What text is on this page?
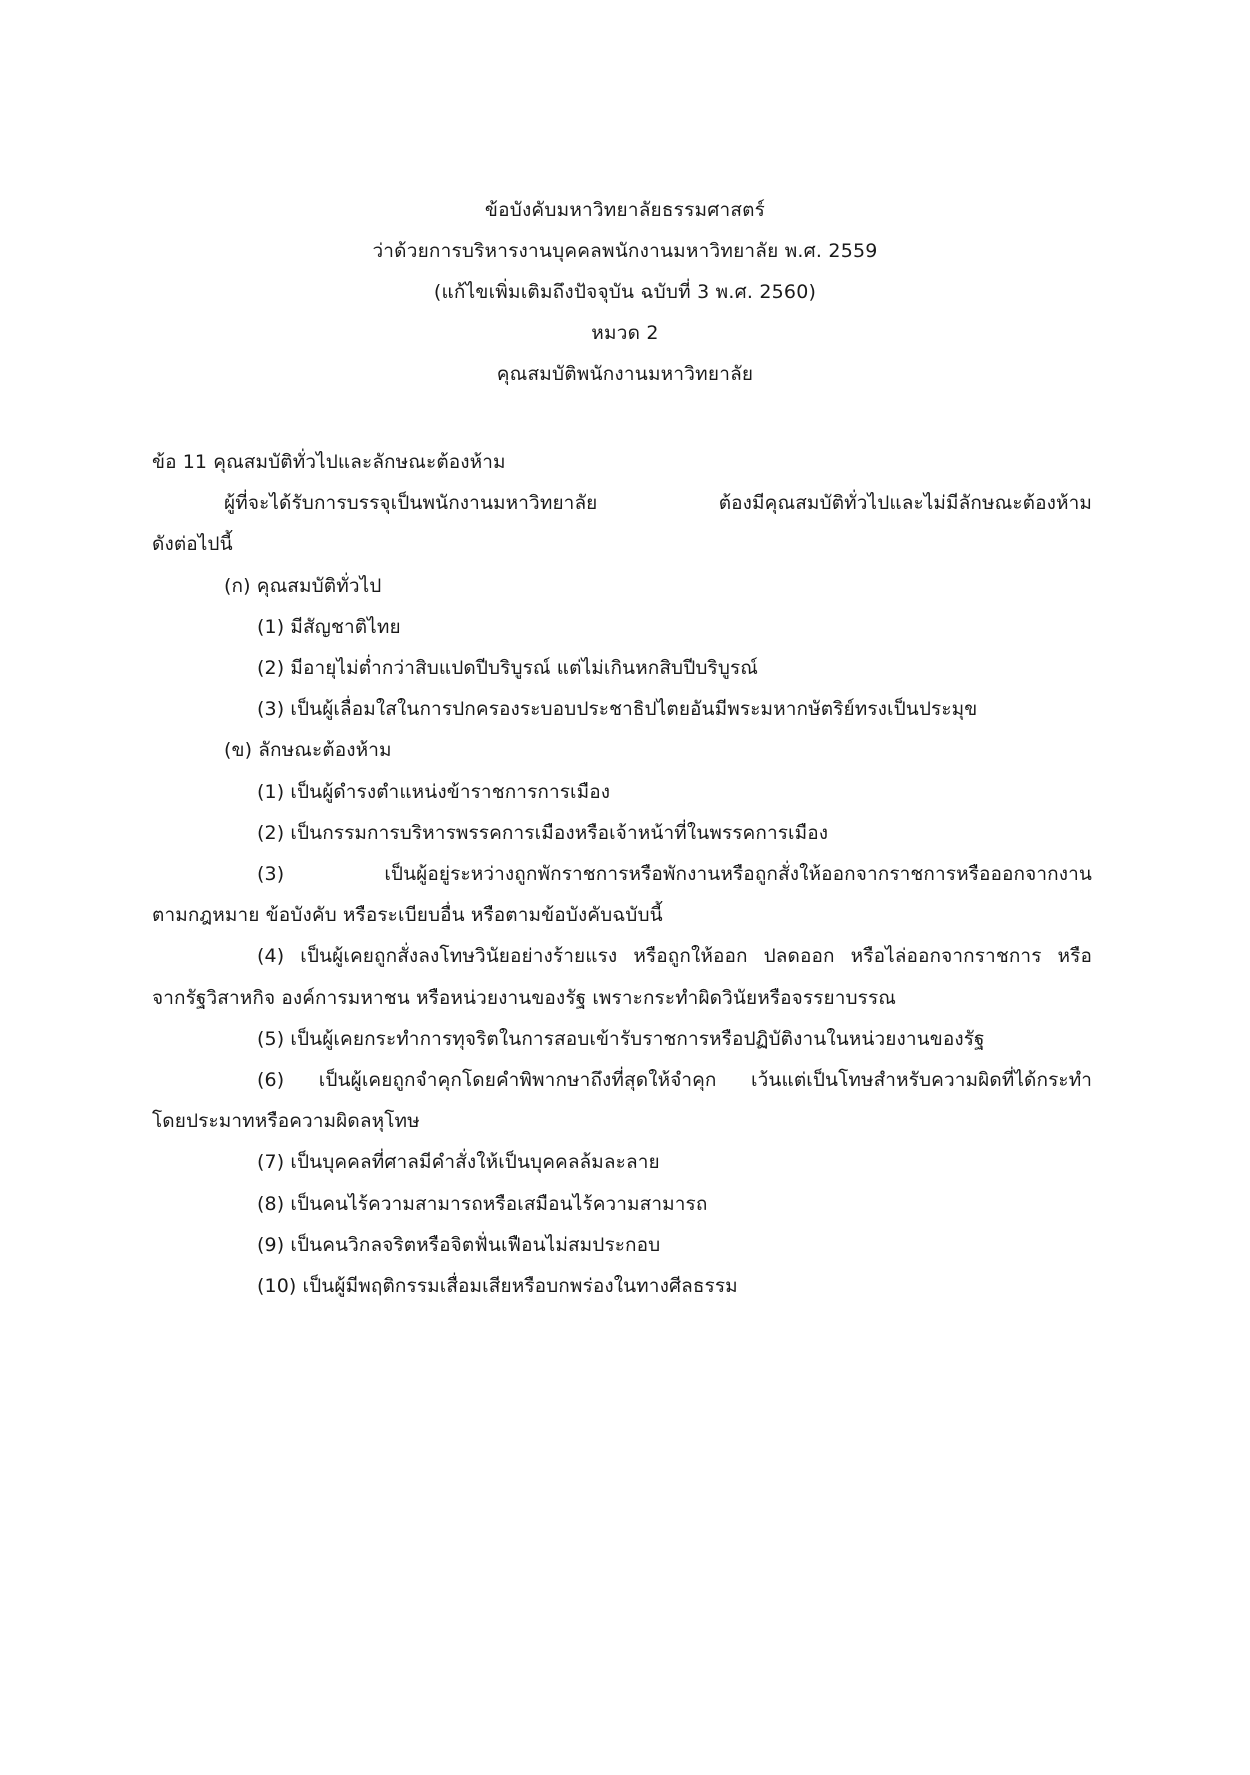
ข้อบังคับมหาวิทยาลัยธรรมศาสตร์
ว่าด้วยการบริหารงานบุคคลพนักงานมหาวิทยาลัย พ.ศ. 2559
(แก้ไขเพิ่มเติมถึงปัจจุบัน ฉบับที่ 3 พ.ศ. 2560)
หมวด 2
คุณสมบัติพนักงานมหาวิทยาลัย
ข้อ 11 คุณสมบัติทั่วไปและลักษณะต้องห้าม
ผู้ที่จะได้รับการบรรจุเป็นพนักงานมหาวิทยาลัย ต้องมีคุณสมบัติทั่วไปและไม่มีลักษณะต้องห้าม
ดังต่อไปนี้
(ก) คุณสมบัติทั่วไป
(1) มีสัญชาติไทย
(2) มีอายุไม่ต่ำกว่าสิบแปดปีบริบูรณ์ แต่ไม่เกินหกสิบปีบริบูรณ์
(3) เป็นผู้เลื่อมใสในการปกครองระบอบประชาธิปไตยอันมีพระมหากษัตริย์ทรงเป็นประมุข
(ข) ลักษณะต้องห้าม
(1) เป็นผู้ดำรงตำแหน่งข้าราชการการเมือง
(2) เป็นกรรมการบริหารพรรคการเมืองหรือเจ้าหน้าที่ในพรรคการเมือง
(3) เป็นผู้อยู่ระหว่างถูกพักราชการหรือพักงานหรือถูกสั่งให้ออกจากราชการหรือออกจากงาน
ตามกฎหมาย ข้อบังคับ หรือระเบียบอื่น หรือตามข้อบังคับฉบับนี้
(4) เป็นผู้เคยถูกสั่งลงโทษวินัยอย่างร้ายแรง หรือถูกให้ออก ปลดออก หรือไล่ออกจากราชการ หรือ
จากรัฐวิสาหกิจ องค์การมหาชน หรือหน่วยงานของรัฐ เพราะกระทำผิดวินัยหรือจรรยาบรรณ
(5) เป็นผู้เคยกระทำการทุจริตในการสอบเข้ารับราชการหรือปฏิบัติงานในหน่วยงานของรัฐ
(6) เป็นผู้เคยถูกจำคุกโดยคำพิพากษาถึงที่สุดให้จำคุก เว้นแต่เป็นโทษสำหรับความผิดที่ได้กระทำ
โดยประมาทหรือความผิดลหุโทษ
(7) เป็นบุคคลที่ศาลมีคำสั่งให้เป็นบุคคลล้มละลาย
(8) เป็นคนไร้ความสามารถหรือเสมือนไร้ความสามารถ
(9) เป็นคนวิกลจริตหรือจิตฟั่นเฟือนไม่สมประกอบ
(10) เป็นผู้มีพฤติกรรมเสื่อมเสียหรือบกพร่องในทางศีลธรรม
